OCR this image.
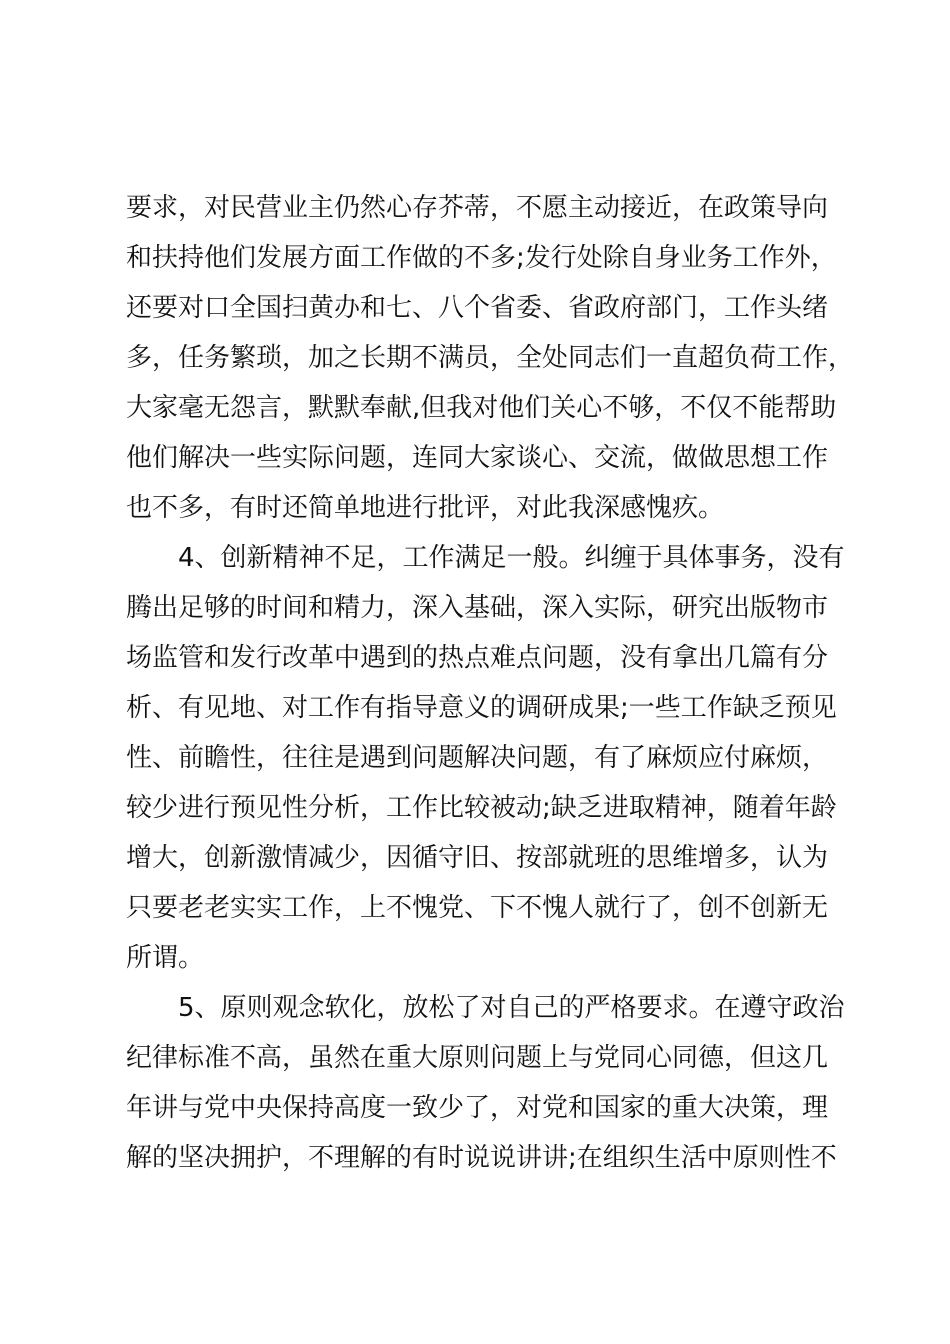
要求，对民营业主仍然心存芥蒂，不愿主动接近，在政策导向
和扶持他们发展方面工作做的不多;发行处除自身业务工作外，
还要对口全国扫黄办和七、八个省委、省政府部门，工作头绪
多，任务繁琐，加之长期不满员，全处同志们一直超负荷工作，
大家毫无怨言，默默奉献,但我对他们关心不够，不仅不能帮助
他们解决一些实际问题，连同大家谈心、交流，做做思想工作
也不多，有时还简单地进行批评，对此我深感愧疚。
　　4、创新精神不足，工作满足一般。纠缠于具体事务，没有
腾出足够的时间和精力，深入基础，深入实际，研究出版物市
场监管和发行改革中遇到的热点难点问题，没有拿出几篇有分
析、有见地、对工作有指导意义的调研成果;一些工作缺乏预见
性、前瞻性，往往是遇到问题解决问题，有了麻烦应付麻烦，
较少进行预见性分析，工作比较被动;缺乏进取精神，随着年龄
增大，创新激情减少，因循守旧、按部就班的思维增多，认为
只要老老实实工作，上不愧党、下不愧人就行了，创不创新无
所谓。
　　5、原则观念软化，放松了对自己的严格要求。在遵守政治
纪律标准不高，虽然在重大原则问题上与党同心同德，但这几
年讲与党中央保持高度一致少了，对党和国家的重大决策，理
解的坚决拥护，不理解的有时说说讲讲;在组织生活中原则性不
